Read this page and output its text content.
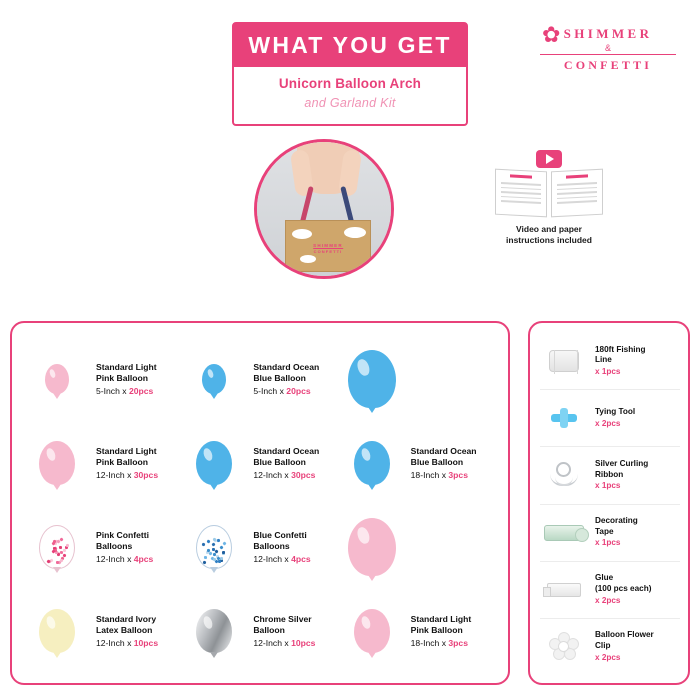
WHAT YOU GET
Unicorn Balloon Arch
and Garland Kit
✿ SHIMMER
&
CONFETTI
SHIMMER
CONFETTI
Video and paper
instructions included
Standard Light
Pink Balloon
5-Inch x 20pcs
Standard Ocean
Blue Balloon
5-Inch x 20pcs
Standard Light
Pink Balloon
12-Inch x 30pcs
Standard Ocean
Blue Balloon
12-Inch x 30pcs
Standard Ocean
Blue Balloon
18-Inch x 3pcs
Pink Confetti
Balloons
12-Inch x 4pcs
Blue Confetti
Balloons
12-Inch x 4pcs
Standard Ivory
Latex Balloon
12-Inch x 10pcs
Chrome Silver
Balloon
12-Inch x 10pcs
Standard Light
Pink Balloon
18-Inch x 3pcs
180ft Fishing
Line
x 1pcs
Tying Tool
x 2pcs
Silver Curling
Ribbon
x 1pcs
Decorating
Tape
x 1pcs
Glue
(100 pcs each)
x 2pcs
Balloon Flower
Clip
x 2pcs
